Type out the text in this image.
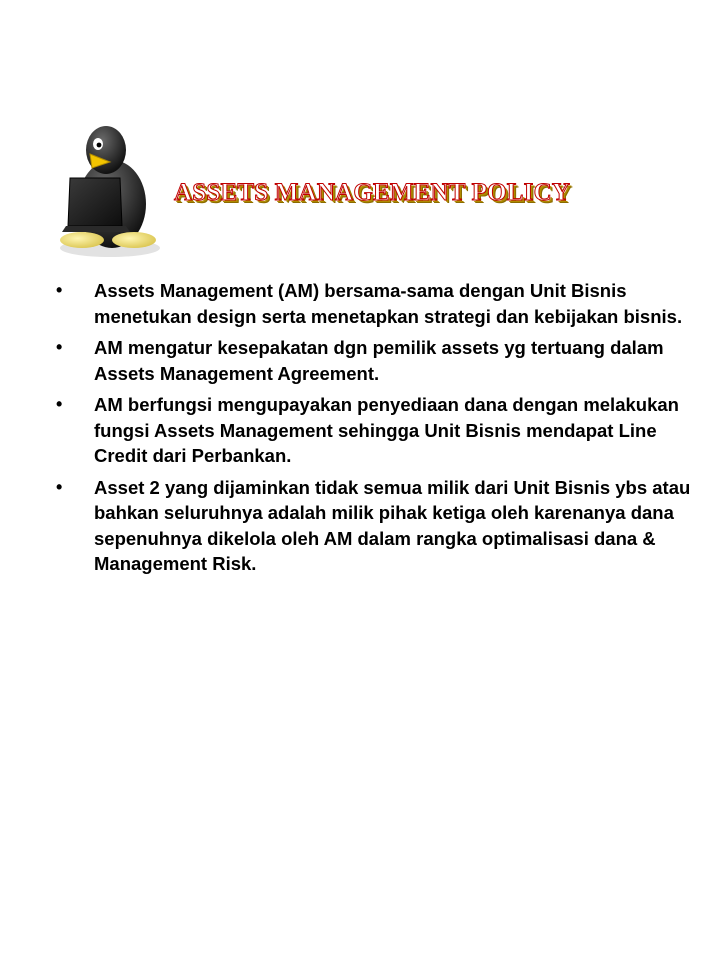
ASSETS MANAGEMENT POLICY
•	Assets Management (AM) bersama-sama dengan Unit Bisnis menetukan design serta menetapkan strategi dan kebijakan bisnis.
•	AM mengatur kesepakatan dgn pemilik assets yg tertuang dalam Assets Management Agreement.
•	AM berfungsi mengupayakan penyediaan dana dengan melakukan fungsi Assets Management sehingga Unit Bisnis mendapat Line Credit dari Perbankan.
•	Asset 2 yang dijaminkan tidak semua milik dari Unit Bisnis ybs atau bahkan seluruhnya adalah milik pihak ketiga oleh karenanya dana sepenuhnya dikelola oleh AM dalam rangka optimalisasi dana & Management Risk.
